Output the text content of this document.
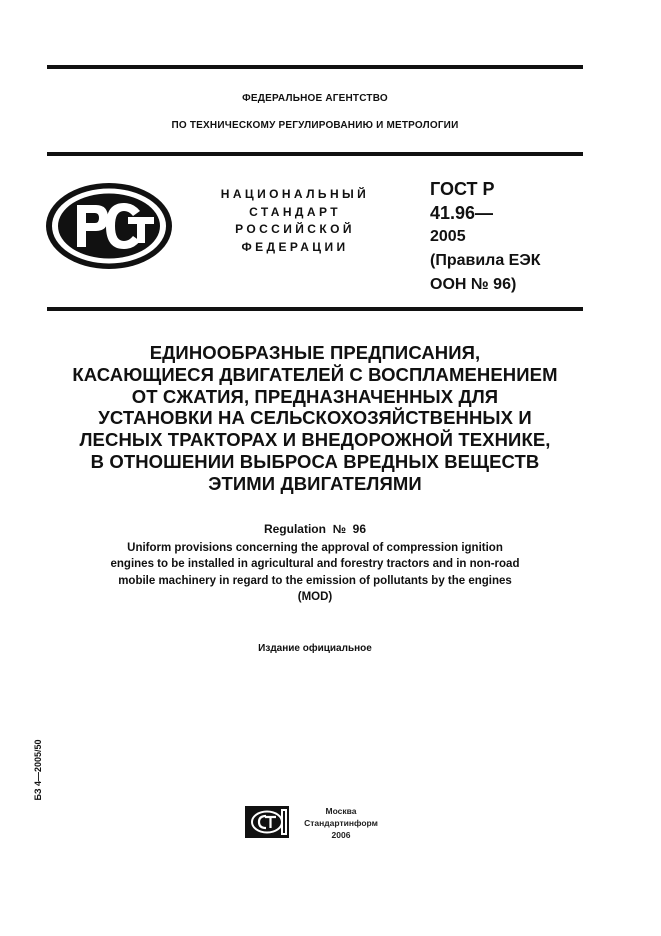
ФЕДЕРАЛЬНОЕ АГЕНТСТВО
ПО ТЕХНИЧЕСКОМУ РЕГУЛИРОВАНИЮ И МЕТРОЛОГИИ
НАЦИОНАЛЬНЫЙ
СТАНДАРТ
РОССИЙСКОЙ
ФЕДЕРАЦИИ
ГОСТ Р
41.96—
2005
(Правила ЕЭК
ООН № 96)
ЕДИНООБРАЗНЫЕ ПРЕДПИСАНИЯ,
КАСАЮЩИЕСЯ ДВИГАТЕЛЕЙ С ВОСПЛАМЕНЕНИЕМ
ОТ СЖАТИЯ, ПРЕДНАЗНАЧЕННЫХ ДЛЯ
УСТАНОВКИ НА СЕЛЬСКОХОЗЯЙСТВЕННЫХ И
ЛЕСНЫХ ТРАКТОРАХ И ВНЕДОРОЖНОЙ ТЕХНИКЕ,
В ОТНОШЕНИИ ВЫБРОСА ВРЕДНЫХ ВЕЩЕСТВ
ЭТИМИ ДВИГАТЕЛЯМИ
Regulation  №  96
Uniform provisions concerning the approval of compression ignition
engines to be installed in agricultural and forestry tractors and in non-road
mobile machinery in regard to the emission of pollutants by the engines
(MOD)
Издание официальное
БЗ 4—2005/50
Москва
Стандартинформ
2006
